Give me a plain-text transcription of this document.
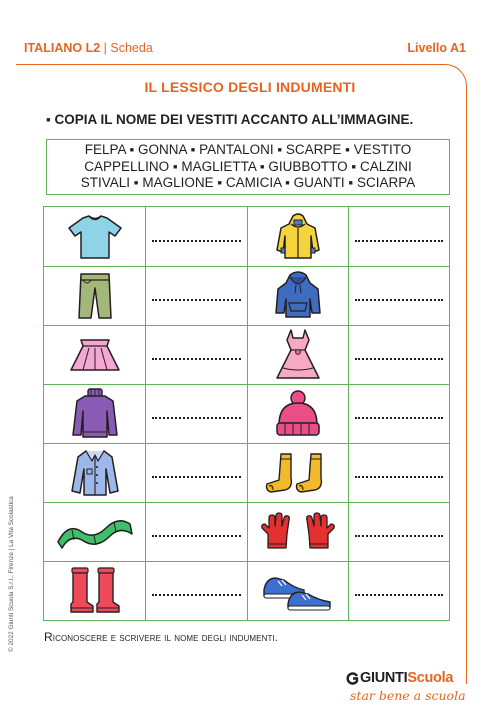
ITALIANO L2 | Scheda	Livello A1
IL LESSICO DEGLI INDUMENTI
▪ COPIA IL NOME DEI VESTITI ACCANTO ALL’IMMAGINE.
FELPA ▪ GONNA ▪ PANTALONI ▪ SCARPE ▪ VESTITO
CAPPELLINO ▪ MAGLIETTA ▪ GIUBBOTTO ▪ CALZINI
STIVALI ▪ MAGLIONE ▪ CAMICIA ▪ GUANTI ▪ SCIARPA
Riconoscere e scrivere il nome degli indumenti.
© 2022 Giunti Scuola S.r.l., Firenze | La Vita Scolastica
GIUNTIScuola
star bene a scuola
